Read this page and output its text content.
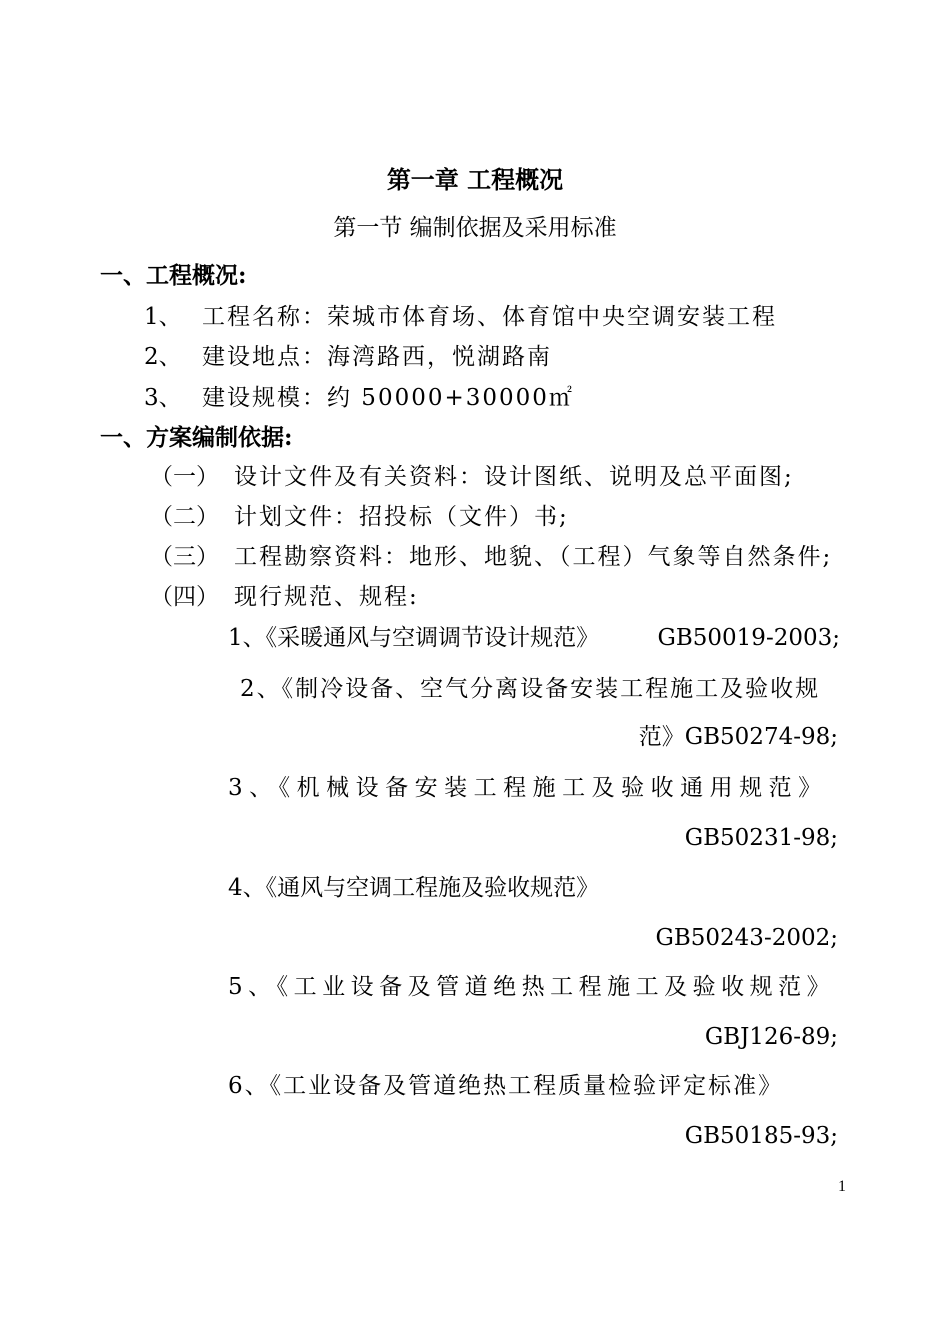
第一章 工程概况
第一节 编制依据及采用标准
一、工程概况:
1、 工程名称：荣城市体育场、体育馆中央空调安装工程
2、 建设地点：海湾路西，悦湖路南
3、 建设规模：约 50000+30000㎡
一、方案编制依据:
（一） 设计文件及有关资料：设计图纸、说明及总平面图;
（二） 计划文件：招投标（文件）书;
（三） 工程勘察资料：地形、地貌、（工程）气象等自然条件;
（四） 现行规范、规程:
1、《采暖通风与空调调节设计规范》	GB50019-2003;
2、《制冷设备、空气分离设备安装工程施工及验收规
范》GB50274-98;
3、《机械设备安装工程施工及验收通用规范》
GB50231-98;
4、《通风与空调工程施及验收规范》
GB50243-2002;
5、《工业设备及管道绝热工程施工及验收规范》
GBJ126-89;
6、《工业设备及管道绝热工程质量检验评定标准》
GB50185-93;
1
